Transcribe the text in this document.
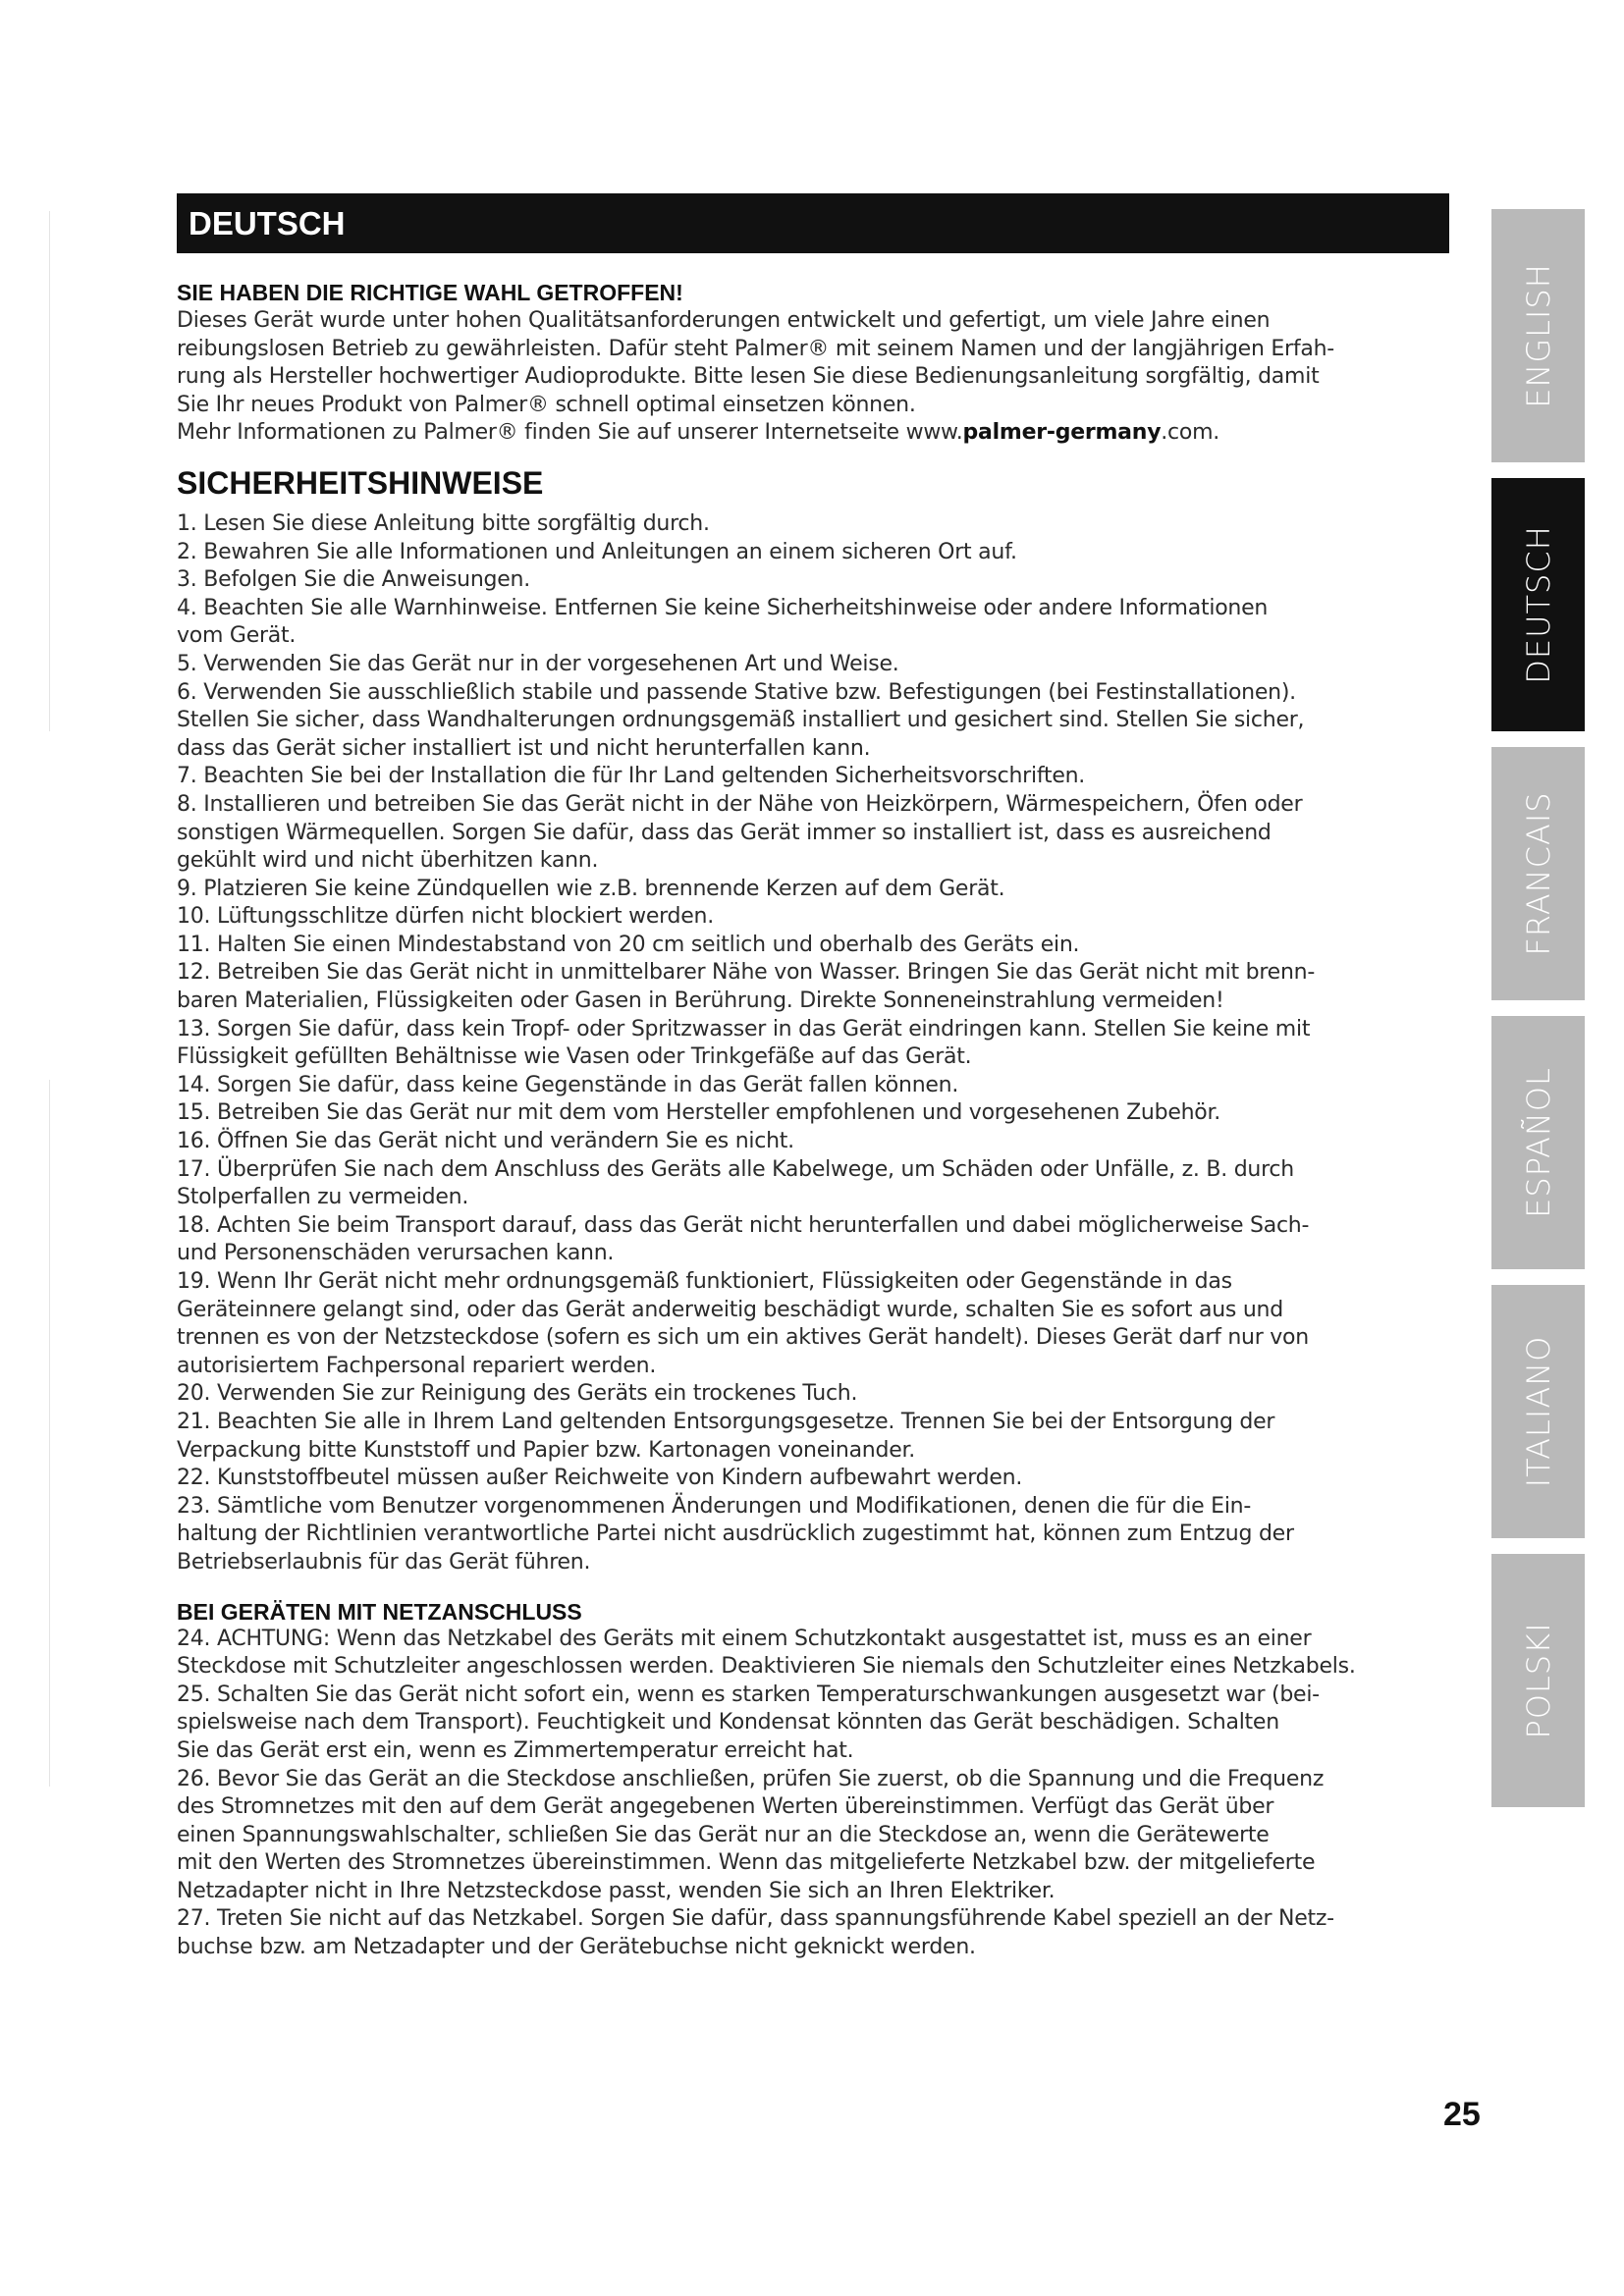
DEUTSCH
SIE HABEN DIE RICHTIGE WAHL GETROFFEN!

Dieses Gerät wurde unter hohen Qualitätsanforderungen entwickelt und gefertigt, um viele Jahre einen

reibungslosen Betrieb zu gewährleisten. Dafür steht Palmer® mit seinem Namen und der langjährigen Erfah-

rung als Hersteller hochwertiger Audioprodukte. Bitte lesen Sie diese Bedienungsanleitung sorgfältig, damit

Sie Ihr neues Produkt von Palmer® schnell optimal einsetzen können.

Mehr Informationen zu Palmer® finden Sie auf unserer Internetseite www.palmer-germany.com.

SICHERHEITSHINWEISE

1. Lesen Sie diese Anleitung bitte sorgfältig durch.

2. Bewahren Sie alle Informationen und Anleitungen an einem sicheren Ort auf.

3. Befolgen Sie die Anweisungen.

4. Beachten Sie alle Warnhinweise. Entfernen Sie keine Sicherheitshinweise oder andere Informationen

vom Gerät.

5. Verwenden Sie das Gerät nur in der vorgesehenen Art und Weise.

6. Verwenden Sie ausschließlich stabile und passende Stative bzw. Befestigungen (bei Festinstallationen).

Stellen Sie sicher, dass Wandhalterungen ordnungsgemäß installiert und gesichert sind. Stellen Sie sicher,

dass das Gerät sicher installiert ist und nicht herunterfallen kann.

7. Beachten Sie bei der Installation die für Ihr Land geltenden Sicherheitsvorschriften.

8. Installieren und betreiben Sie das Gerät nicht in der Nähe von Heizkörpern, Wärmespeichern, Öfen oder

sonstigen Wärmequellen. Sorgen Sie dafür, dass das Gerät immer so installiert ist, dass es ausreichend

gekühlt wird und nicht überhitzen kann.

9. Platzieren Sie keine Zündquellen wie z.B. brennende Kerzen auf dem Gerät.

10. Lüftungsschlitze dürfen nicht blockiert werden.

11. Halten Sie einen Mindestabstand von 20 cm seitlich und oberhalb des Geräts ein.

12. Betreiben Sie das Gerät nicht in unmittelbarer Nähe von Wasser. Bringen Sie das Gerät nicht mit brenn-

baren Materialien, Flüssigkeiten oder Gasen in Berührung. Direkte Sonneneinstrahlung vermeiden!

13. Sorgen Sie dafür, dass kein Tropf- oder Spritzwasser in das Gerät eindringen kann. Stellen Sie keine mit

Flüssigkeit gefüllten Behältnisse wie Vasen oder Trinkgefäße auf das Gerät.

14. Sorgen Sie dafür, dass keine Gegenstände in das Gerät fallen können.

15. Betreiben Sie das Gerät nur mit dem vom Hersteller empfohlenen und vorgesehenen Zubehör.

16. Öffnen Sie das Gerät nicht und verändern Sie es nicht.

17. Überprüfen Sie nach dem Anschluss des Geräts alle Kabelwege, um Schäden oder Unfälle, z. B. durch

Stolperfallen zu vermeiden.

18. Achten Sie beim Transport darauf, dass das Gerät nicht herunterfallen und dabei möglicherweise Sach-

und Personenschäden verursachen kann.

19. Wenn Ihr Gerät nicht mehr ordnungsgemäß funktioniert, Flüssigkeiten oder Gegenstände in das

Geräteinnere gelangt sind, oder das Gerät anderweitig beschädigt wurde, schalten Sie es sofort aus und

trennen es von der Netzsteckdose (sofern es sich um ein aktives Gerät handelt). Dieses Gerät darf nur von

autorisiertem Fachpersonal repariert werden.

20. Verwenden Sie zur Reinigung des Geräts ein trockenes Tuch.

21. Beachten Sie alle in Ihrem Land geltenden Entsorgungsgesetze. Trennen Sie bei der Entsorgung der

Verpackung bitte Kunststoff und Papier bzw. Kartonagen voneinander.

22. Kunststoffbeutel müssen außer Reichweite von Kindern aufbewahrt werden.

23. Sämtliche vom Benutzer vorgenommenen Änderungen und Modifikationen, denen die für die Ein-

haltung der Richtlinien verantwortliche Partei nicht ausdrücklich zugestimmt hat, können zum Entzug der

Betriebserlaubnis für das Gerät führen.

BEI GERÄTEN MIT NETZANSCHLUSS

24. ACHTUNG: Wenn das Netzkabel des Geräts mit einem Schutzkontakt ausgestattet ist, muss es an einer

Steckdose mit Schutzleiter angeschlossen werden. Deaktivieren Sie niemals den Schutzleiter eines Netzkabels.

25. Schalten Sie das Gerät nicht sofort ein, wenn es starken Temperaturschwankungen ausgesetzt war (bei-

spielsweise nach dem Transport). Feuchtigkeit und Kondensat könnten das Gerät beschädigen. Schalten

Sie das Gerät erst ein, wenn es Zimmertemperatur erreicht hat.

26. Bevor Sie das Gerät an die Steckdose anschließen, prüfen Sie zuerst, ob die Spannung und die Frequenz

des Stromnetzes mit den auf dem Gerät angegebenen Werten übereinstimmen. Verfügt das Gerät über

einen Spannungswahlschalter, schließen Sie das Gerät nur an die Steckdose an, wenn die Gerätewerte

mit den Werten des Stromnetzes übereinstimmen. Wenn das mitgelieferte Netzkabel bzw. der mitgelieferte

Netzadapter nicht in Ihre Netzsteckdose passt, wenden Sie sich an Ihren Elektriker.

27. Treten Sie nicht auf das Netzkabel. Sorgen Sie dafür, dass spannungsführende Kabel speziell an der Netz-

buchse bzw. am Netzadapter und der Gerätebuchse nicht geknickt werden.

ENGLISH
DEUTSCH
FRANCAIS
ESPAÑOL
ITALIANO
POLSKI
25
